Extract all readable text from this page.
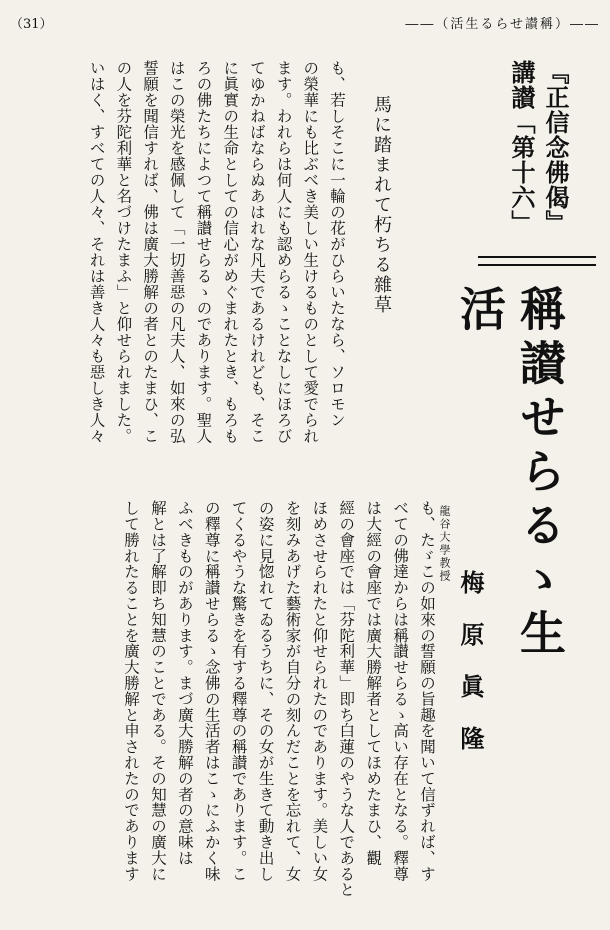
（31）	――（活生るらせ讃稱）――
『正信念佛偈』
講讃「第十六」
稱讃せらるゝ生活
龍谷大學教授
梅原眞隆
馬に踏まれて朽ちる雜草
も、若しそこに一輪の花がひらいたなら、ソロモン
の榮華にも比ぶべき美しい生けるものとして愛でられ
ます。われらは何人にも認めらるゝことなしにほろび
てゆかねばならぬあはれな凡夫であるけれども、そこ
に眞實の生命としての信心がめぐまれたとき、もろも
ろの佛たちによつて稱讃せらるゝのであります。聖人
はこの榮光を感佩して「一切善惡の凡夫人、如來の弘
誓願を聞信すれば、佛は廣大勝解の者とのたまひ、こ
の人を芬陀利華と名づけたまふ」と仰せられました。
いはく、すべての人々、それは善き人々も惡しき人々
も、たゞこの如來の誓願の旨趣を聞いて信ずれば、す
べての佛達からは稱讃せらるゝ高い存在となる。釋尊
は大經の會座では廣大勝解者としてほめたまひ、觀
經の會座では「芬陀利華」即ち白蓮のやうな人であると
ほめさせられたと仰せられたのであります。美しい女
を刻みあげた藝術家が自分の刻んだことを忘れて、女
の姿に見惚れてゐるうちに、その女が生きて動き出し
てくるやうな驚きを有する釋尊の稱讃であります。こ
の釋尊に稱讃せらるゝ念佛の生活者はこゝにふかく味
ふべきものがあります。まづ廣大勝解の者の意味は
解とは了解即ち知慧のことである。その知慧の廣大に
して勝れたることを廣大勝解と申されたのであります
